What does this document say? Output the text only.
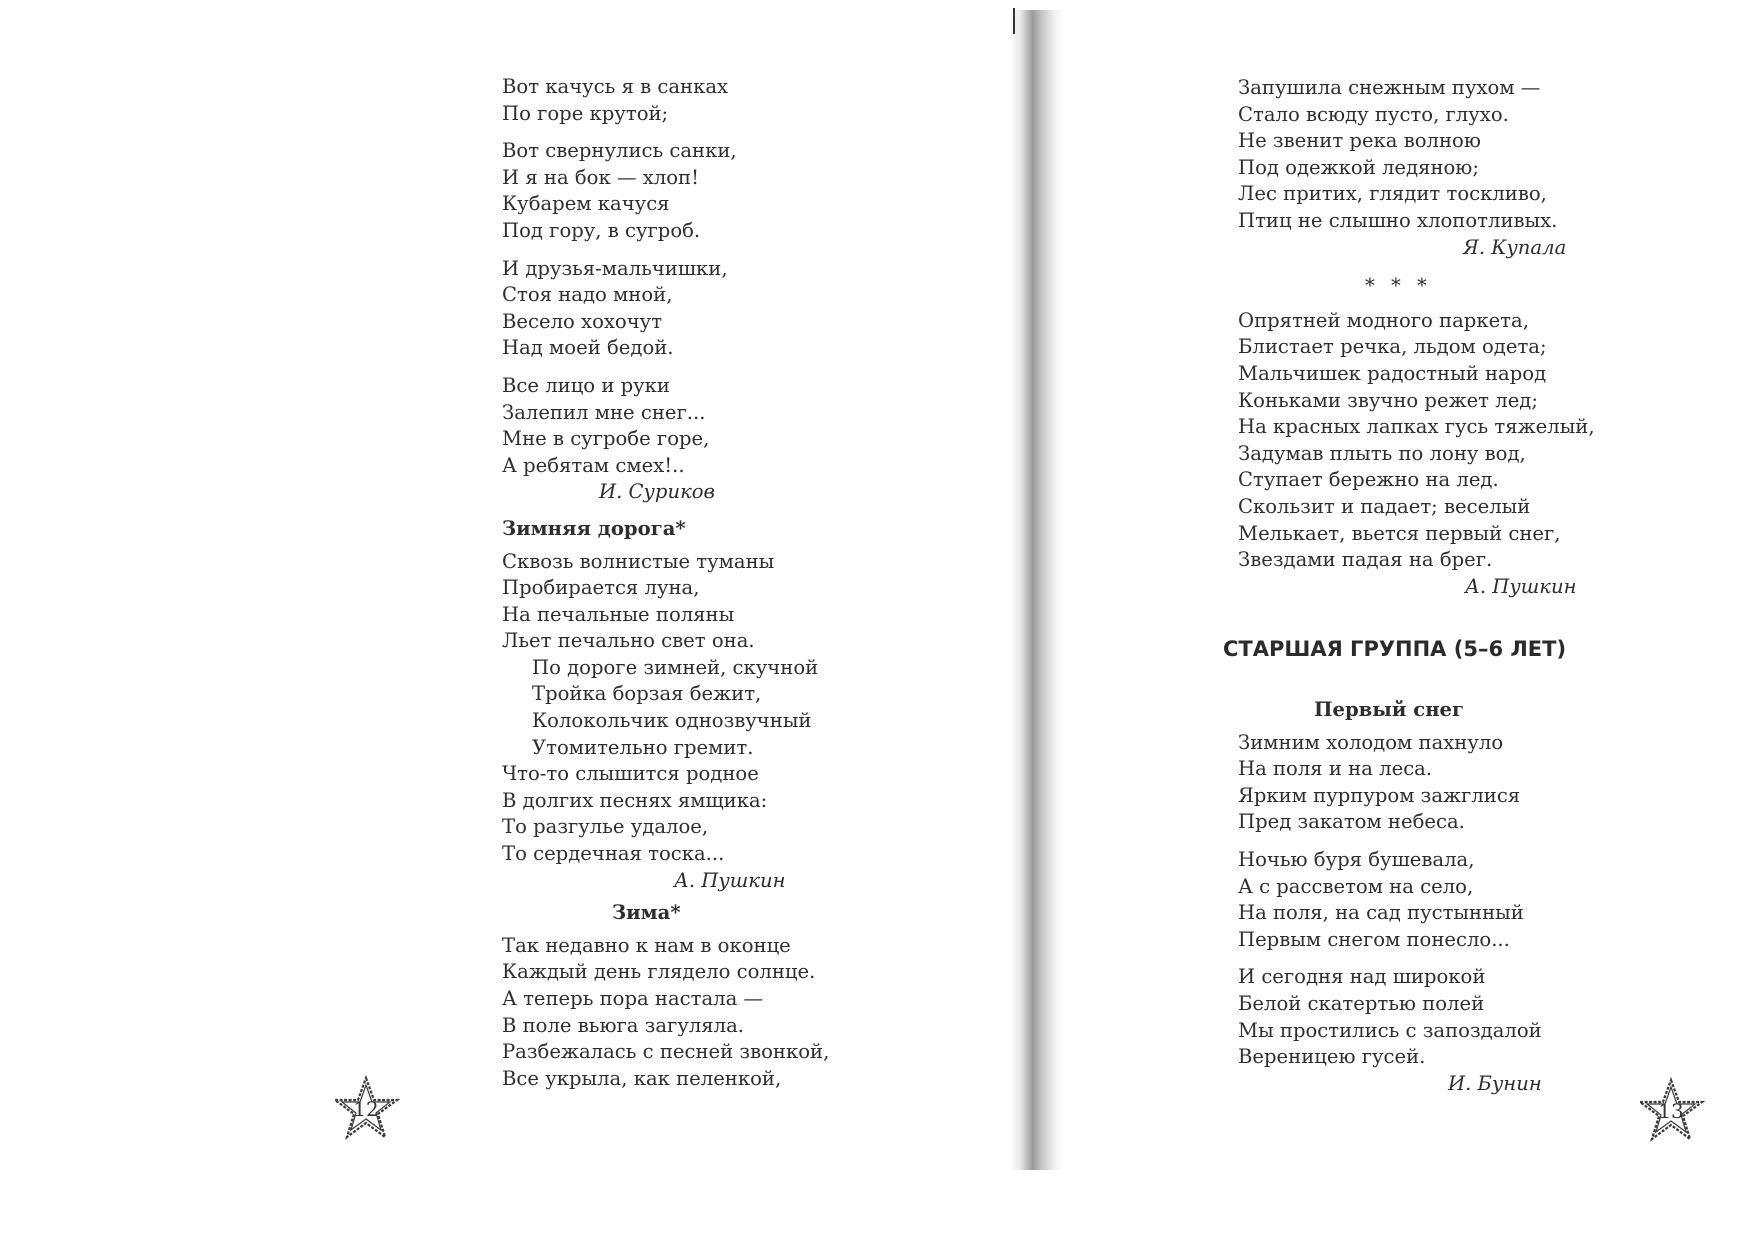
Вот качусь я в санках
По горе крутой;
Вот свернулись санки,
И я на бок — хлоп!
Кубарем качуся
Под гору, в сугроб.
И друзья-мальчишки,
Стоя надо мной,
Весело хохочут
Над моей бедой.
Все лицо и руки
Залепил мне снег...
Мне в сугробе горе,
А ребятам смех!..
И. Суриков
Зимняя дорога*
Сквозь волнистые туманы
Пробирается луна,
На печальные поляны
Льет печально свет она.
По дороге зимней, скучной
Тройка борзая бежит,
Колокольчик однозвучный
Утомительно гремит.
Что-то слышится родное
В долгих песнях ямщика:
То разгулье удалое,
То сердечная тоска...
А. Пушкин
Зима*
Так недавно к нам в оконце
Каждый день глядело солнце.
А теперь пора настала —
В поле вьюга загуляла.
Разбежалась с песней звонкой,
Все укрыла, как пеленкой,
Запушила снежным пухом —
Стало всюду пусто, глухо.
Не звенит река волною
Под одежкой ледяною;
Лес притих, глядит тоскливо,
Птиц не слышно хлопотливых.
Я. Купала
* * *
Опрятней модного паркета,
Блистает речка, льдом одета;
Мальчишек радостный народ
Коньками звучно режет лед;
На красных лапках гусь тяжелый,
Задумав плыть по лону вод,
Ступает бережно на лед.
Скользит и падает; веселый
Мелькает, вьется первый снег,
Звездами падая на брег.
А. Пушкин
СТАРШАЯ ГРУППА (5–6 ЛЕТ)
Первый снег
Зимним холодом пахнуло
На поля и на леса.
Ярким пурпуром зажглися
Пред закатом небеса.
Ночью буря бушевала,
А с рассветом на село,
На поля, на сад пустынный
Первым снегом понесло...
И сегодня над широкой
Белой скатертью полей
Мы простились с запоздалой
Вереницею гусей.
И. Бунин
12	13
